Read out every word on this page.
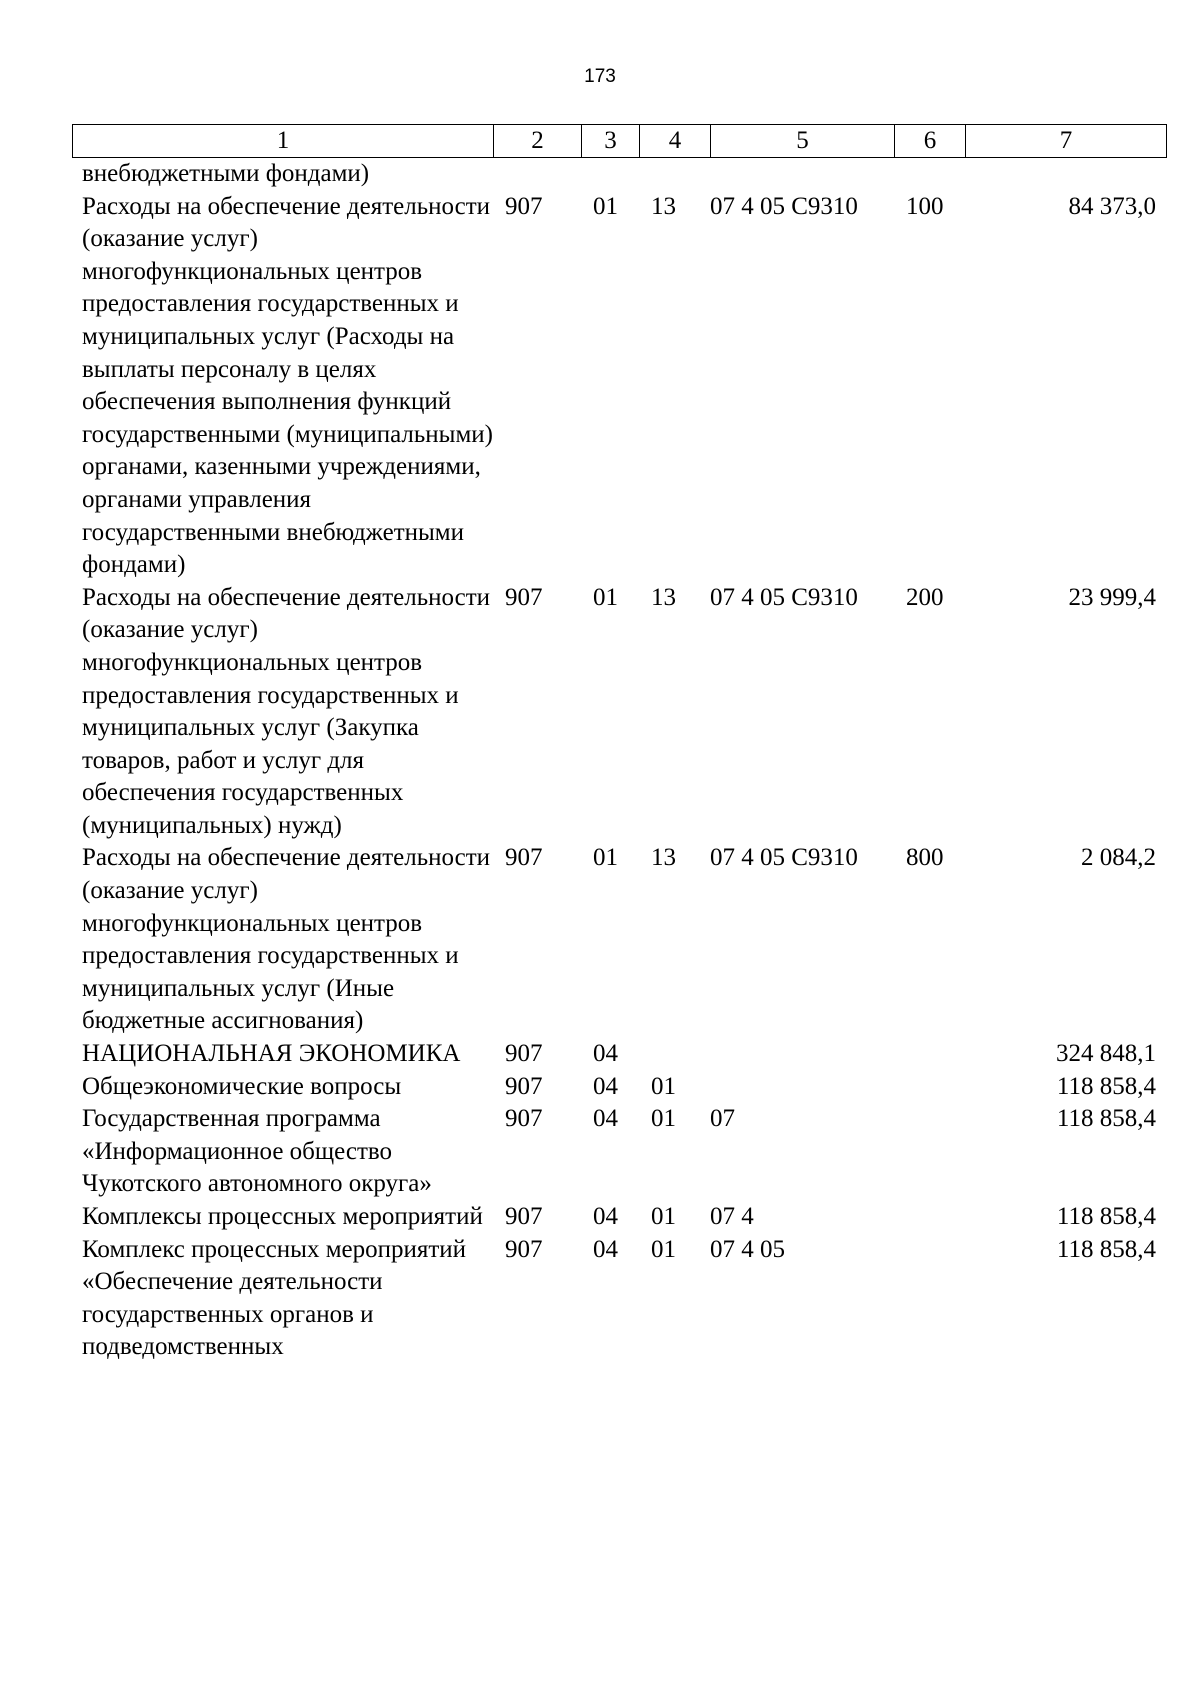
173
1	2	3	4	5	6	7
внебюджетными фондами)						
Расходы на обеспечение деятельности (оказание услуг) многофункциональных центров предоставления государственных и муниципальных услуг (Расходы на выплаты персоналу в целях обеспечения выполнения функций государственными (муниципальными) органами, казенными учреждениями, органами управления государственными внебюджетными фондами)	907	01	13	07 4 05 С9310	100	84 373,0
Расходы на обеспечение деятельности (оказание услуг) многофункциональных центров предоставления государственных и муниципальных услуг (Закупка товаров, работ и услуг для обеспечения государственных (муниципальных) нужд)	907	01	13	07 4 05 С9310	200	23 999,4
Расходы на обеспечение деятельности (оказание услуг) многофункциональных центров предоставления государственных и муниципальных услуг (Иные бюджетные ассигнования)	907	01	13	07 4 05 С9310	800	2 084,2
НАЦИОНАЛЬНАЯ ЭКОНОМИКА	907	04				324 848,1
Общеэкономические вопросы	907	04	01			118 858,4
Государственная программа «Информационное общество Чукотского автономного округа»	907	04	01	07		118 858,4
Комплексы процессных мероприятий	907	04	01	07 4		118 858,4
Комплекс процессных мероприятий «Обеспечение деятельности государственных органов и подведомственных	907	04	01	07 4 05		118 858,4
